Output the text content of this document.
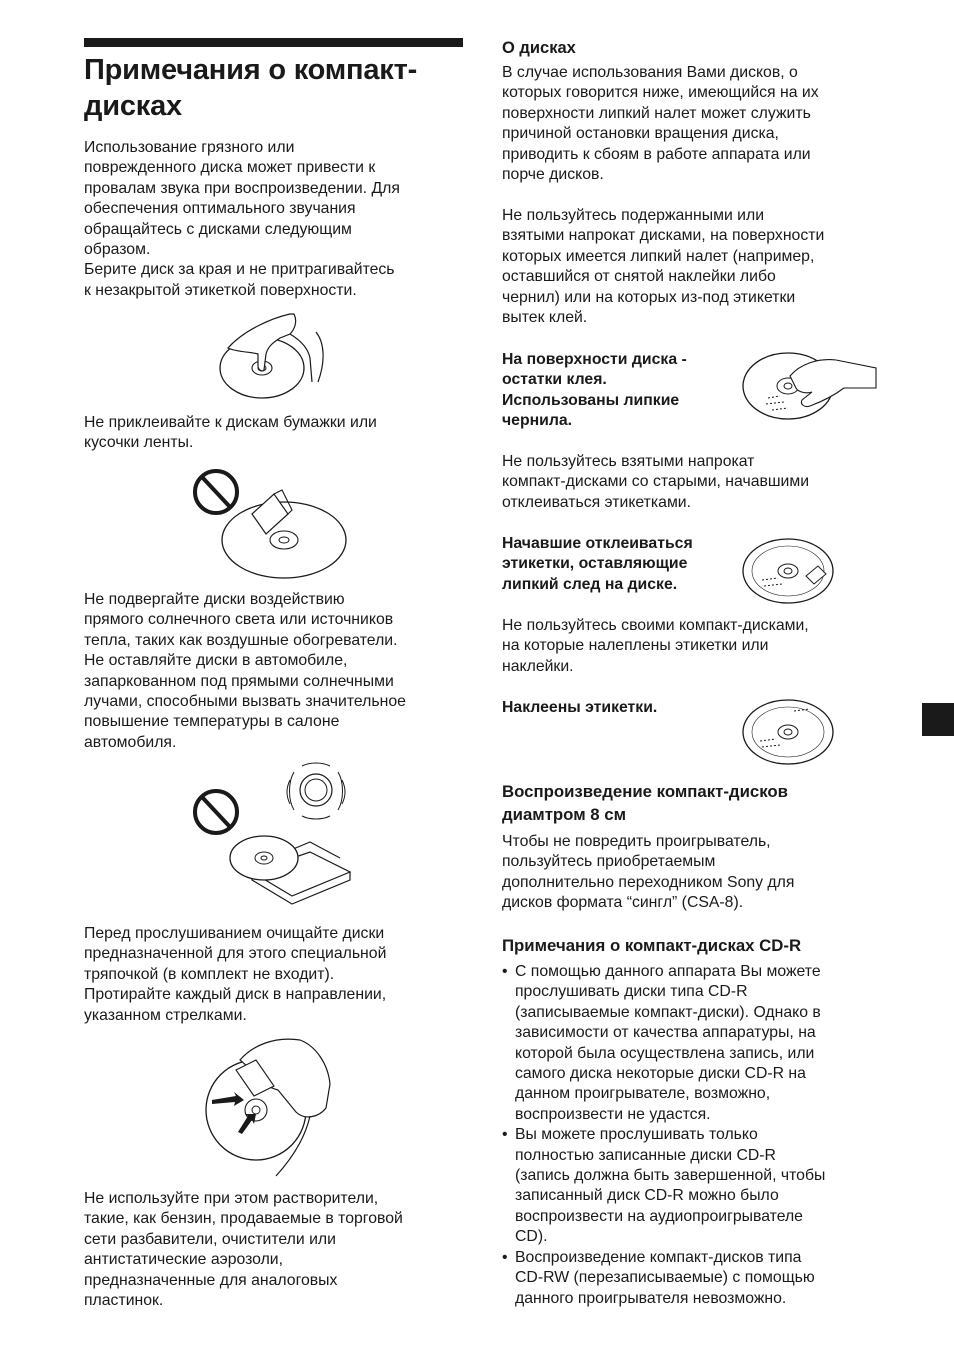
Примечания о компакт-
дисках

Использование грязного или
поврежденного диска может привести к
провалам звука при воспроизведении. Для
обеспечения оптимального звучания
обращайтесь с дисками следующим
образом.
Берите диск за края и не притрагивайтесь
к незакрытой этикеткой поверхности.

Не приклеивайте к дискам бумажки или
кусочки ленты.

Не подвергайте диски воздействию
прямого солнечного света или источников
тепла, таких как воздушные обогреватели.
Не оставляйте диски в автомобиле,
запаркованном под прямыми солнечными
лучами, способными вызвать значительное
повышение температуры в салоне
автомобиля.

Перед прослушиванием очищайте диски
предназначенной для этого специальной
тряпочкой (в комплект не входит).
Протирайте каждый диск в направлении,
указанном стрелками.

Не используйте при этом растворители,
такие, как бензин, продаваемые в торговой
сети разбавители, очистители или
антистатические аэрозоли,
предназначенные для аналоговых
пластинок.

О дисках

В случае использования Вами дисков, о
которых говорится ниже, имеющийся на их
поверхности липкий налет может служить
причиной остановки вращения диска,
приводить к сбоям в работе аппарата или
порче дисков.

Не пользуйтесь подержанными или
взятыми напрокат дисками, на поверхности
которых имеется липкий налет (например,
оставшийся от снятой наклейки либо
чернил) или на которых из-под этикетки
вытек клей.

На поверхности диска -
остатки клея.
Использованы липкие
чернила.

Не пользуйтесь взятыми напрокат
компакт-дисками со старыми, начавшими
отклеиваться этикетками.

Начавшие отклеиваться
этикетки, оставляющие
липкий след на диске.

Не пользуйтесь своими компакт-дисками,
на которые налеплены этикетки или
наклейки.

Наклеены этикетки.

Воспроизведение компакт-дисков
диамтром 8 см

Чтобы не повредить проигрыватель,
пользуйтесь приобретаемым
дополнительно переходником Sony для
дисков формата “сингл” (CSA-8).

Примечания о компакт-дисках CD-R
• С помощью данного аппарата Вы можете
прослушивать диски типа CD-R
(записываемые компакт-диски). Однако в
зависимости от качества аппаратуры, на
которой была осуществлена запись, или
самого диска некоторые диски CD-R на
данном проигрывателе, возможно,
воспроизвести не удастся.
• Вы можете прослушивать только
полностью записанные диски CD-R
(запись должна быть завершенной, чтобы
записанный диск CD-R можно было
воспроизвести на аудиопроигрывателе
CD).
• Воспроизведение компакт-дисков типа
CD-RW (перезаписываемые) с помощью
данного проигрывателя невозможно.
